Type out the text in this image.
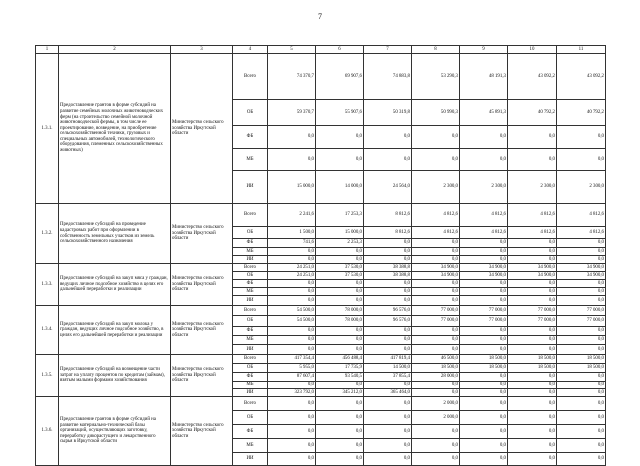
7
1	2	3	4	5	6	7	8	9	10	11
1.3.1.	Предоставление грантов в форме субсидий на развитие семейных молочных животноводческих ферм (на строительство семейной молочной животноводческой фермы, в том числе ее проектирование, возведение, на приобретение сельскохозяйственной техники, грузовых и специальных автомобилей, технологического оборудования, племенных сельскохозяйственных животных)	Министерство сельского хозяйства Иркутской области	Всего	74 370,7	69 907,6	74 883,8	53 290,3	48 191,3	43 092,2	43 092,2
			ОБ	59 370,7	55 907,6	50 319,8	50 990,3	45 891,3	40 792,2	40 792,2
			ФБ	0,0	0,0	0,0	0,0	0,0	0,0	0,0
			МБ	0,0	0,0	0,0	0,0	0,0	0,0	0,0
			ИИ	15 000,0	14 000,0	24 564,0	2 300,0	2 300,0	2 300,0	2 300,0
1.3.2.	Предоставление субсидий на проведение кадастровых работ при оформлении в собственность земельных участков из земель сельскохозяйственного назначения	Министерство сельского хозяйства Иркутской области	Всего	2 241,6	17 253,3	8 812,6	4 812,6	4 812,6	4 812,6	4 812,6
			ОБ	1 500,0	15 000,0	8 812,6	4 812,6	4 812,6	4 812,6	4 812,6
			ФБ	741,6	2 253,3	0,0	0,0	0,0	0,0	0,0
			МБ	0,0	0,0	0,0	0,0	0,0	0,0	0,0
			ИИ	0,0	0,0	0,0	0,0	0,0	0,0	0,0
1.3.3.	Предоставление субсидий на закуп мяса у граждан, ведущих личное подсобное хозяйство в целях его дальнейшей переработки и реализации	Министерство сельского хозяйства Иркутской области	Всего	24 251,0	37 530,0	38 388,8	34 900,0	34 900,0	34 900,0	34 900,0
			ОБ	24 251,0	37 530,0	38 388,8	34 900,0	34 900,0	34 900,0	34 900,0
			ФБ	0,0	0,0	0,0	0,0	0,0	0,0	0,0
			МБ	0,0	0,0	0,0	0,0	0,0	0,0	0,0
			ИИ	0,0	0,0	0,0	0,0	0,0	0,0	0,0
1.3.4.	Предоставление субсидий на закуп молока у граждан, ведущих личное подсобное хозяйство, в целях его дальнейшей переработки и реализации	Министерство сельского хозяйства Иркутской области	Всего	54 500,0	78 000,0	96 576,0	77 000,0	77 000,0	77 000,0	77 000,0
			ОБ	54 500,0	78 000,0	96 576,0	77 000,0	77 000,0	77 000,0	77 000,0
			ФБ	0,0	0,0	0,0	0,0	0,0	0,0	0,0
			МБ	0,0	0,0	0,0	0,0	0,0	0,0	0,0
			ИИ	0,0	0,0	0,0	0,0	0,0	0,0	0,0
1.3.5.	Предоставление субсидий на возмещение части затрат на уплату процентов по кредитам (займам), взятым малыми формами хозяйствования	Министерство сельского хозяйства Иркутской области	Всего	417 354,4	456 488,4	417 819,4	46 500,0	18 500,0	18 500,0	18 500,0
			ОБ	5 955,0	17 735,9	14 500,0	18 500,0	18 500,0	18 500,0	18 500,0
			ФБ	87 607,4	93 540,5	37 855,4	28 000,0	0,0	0,0	0,0
			МБ	0,0	0,0	0,0	0,0	0,0	0,0	0,0
			ИИ	323 792,0	345 212,0	365 464,0	0,0	0,0	0,0	0,0
1.3.6.	Предоставление грантов в форме субсидий на развитие материально-технической базы организаций, осуществляющих заготовку, переработку дикорастущего и лекарственного сырья в Иркутской области	Министерство сельского хозяйства Иркутской области	Всего	0,0	0,0	0,0	2 000,0	0,0	0,0	0,0
			ОБ	0,0	0,0	0,0	2 000,0	0,0	0,0	0,0
			ФБ	0,0	0,0	0,0	0,0	0,0	0,0	0,0
			МБ	0,0	0,0	0,0	0,0	0,0	0,0	0,0
			ИИ	0,0	0,0	0,0	0,0	0,0	0,0	0,0
